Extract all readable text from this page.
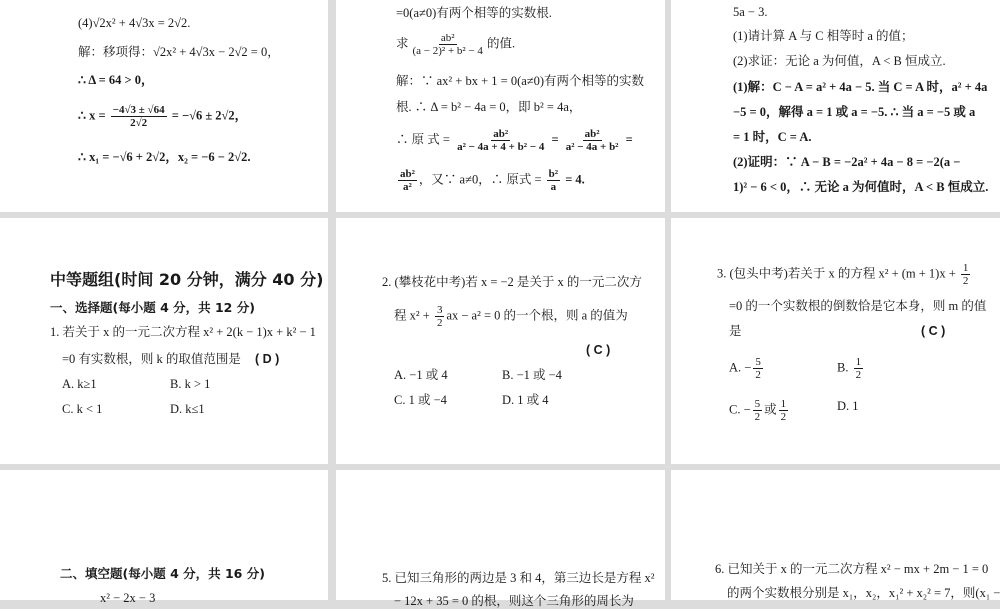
(4)√2x² + 4√3x = 2√2.
解：移项得：√2x² + 4√3x − 2√2 = 0，
∴ Δ = 64 > 0，
∴ $x = \frac{-4√3 \pm √64}{2√2} = -√6 \pm 2√2$，
∴ x₁ = −√6 + 2√2，x₂ = −6 − 2√2.
=0(a≠0)有两个相等的实数根.
求 $\frac{\text{ab²}}{\text{(a − 2)² + b² − 4}}$ 的值.
解：∵ ax² + bx + 1 = 0(a≠0)有两个相等的实数
根. ∴ Δ = b² − 4a = 0，即 b² = 4a，
∴ 原 式 = $\frac{\text{ab²}}{\text{a² − 4a + 4 + b² − 4}} = \frac{\text{ab²}}{\text{a² − 4a + b²}}$ =
$\frac{\text{ab²}}{\text{a²}}$ ，又∵ a≠0，∴ 原式 = $\frac{\text{b²}}{a} = 4$.
5a − 3.
(1)请计算 A 与 C 相等时 a 的值；
(2)求证：无论 a 为何值，A < B 恒成立.
(1)解：C − A = a² + 4a − 5. 当 C = A 时，a² + 4a
−5 = 0，解得 a = 1 或 a = −5. ∴ 当 a = −5 或 a
= 1 时，C = A.
(2)证明：∵ A − B = −2a² + 4a − 8 = −2(a −
1)² − 6 < 0，∴ 无论 a 为何值时，A < B 恒成立.
中等题组(时间 20 分钟，满分 40 分)
一、选择题(每小题 4 分，共 12 分)
1. 若关于 x 的一元二次方程 x² + 2(k − 1)x + k² − 1
=0 有实数根，则 k 的取值范围是 ( D )
A. k≥1	B. k > 1
C. k < 1	D. k≤1
2. (攀枝花中考)若 x = −2 是关于 x 的一元二次方
程 $x^2 + \frac{3}{2}$ ax − a² = 0 的一个根，则 a 的值为
( C )
A. −1 或 4	B. −1 或 −4
C. 1 或 −4	D. 1 或 4
3. (包头中考)若关于 x 的方程 $x^2 + (m + 1)x + \frac{1}{2}$
=0 的一个实数根的倒数恰是它本身，则 m 的值
是	( C )
A. − $\frac{5}{2}$	B. $\frac{1}{2}$
C. − $\frac{5}{2}$ 或 $\frac{1}{2}$	D. 1
二、填空题(每小题 4 分，共 16 分)
x² − 2x − 3
5. 已知三角形的两边是 3 和 4，第三边长是方程 x²
− 12x + 35 = 0 的根，则这个三角形的周长为
6. 已知关于 x 的一元二次方程 x² − mx + 2m − 1 = 0
的两个实数根分别是 x₁，x₂，x₁² + x₂² = 7，则(x₁ −
